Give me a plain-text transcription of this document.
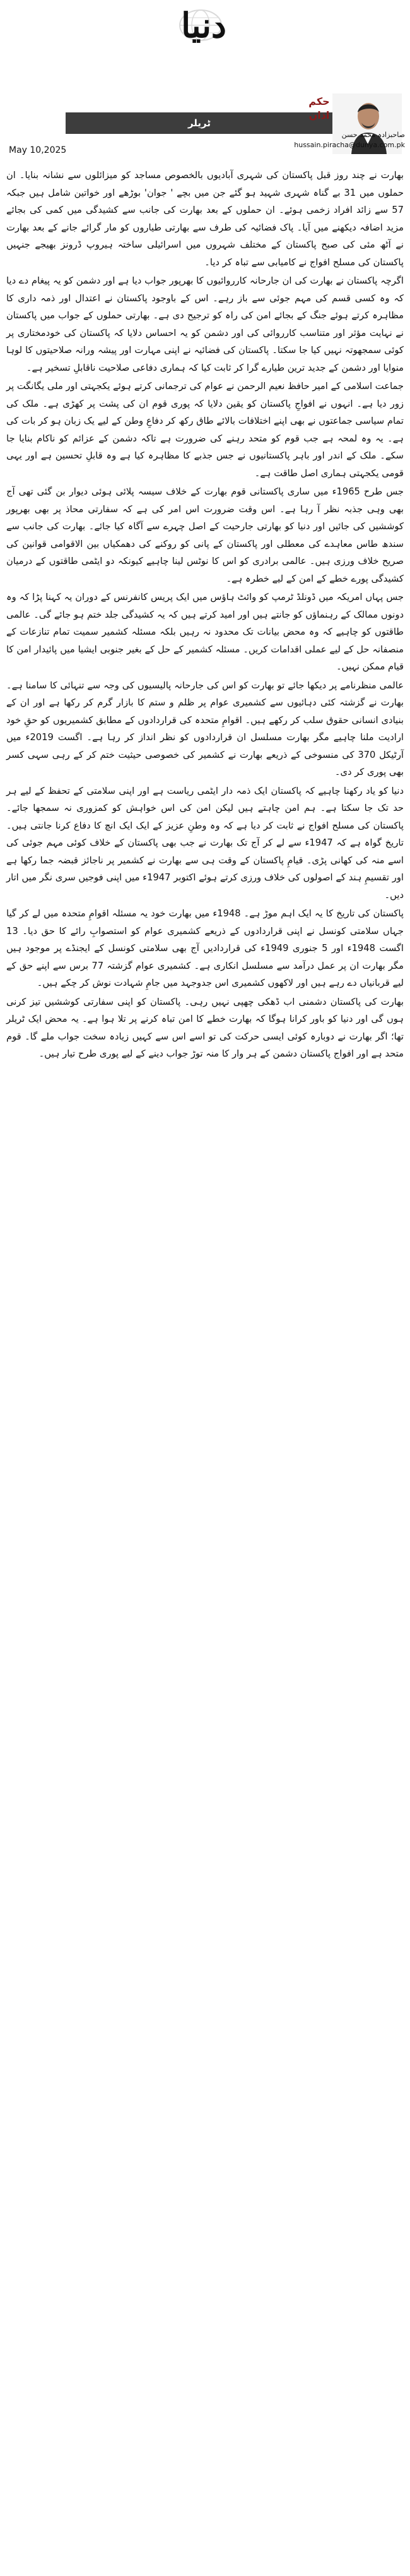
دنیا
ٹریلر
May 10,2025
حکم اذان
صاحبزادہ محمد حسن
hussain.piracha@dunya.com.pk

بھارت نے چند روز قبل پاکستان کی شہری آبادیوں بالخصوص مساجد کو میزائلوں سے نشانہ بنایا۔ ان حملوں میں 31 بے گناہ شہری شہید ہو گئے جن میں بچے ' جوان' بوڑھے اور خواتین شامل ہیں جبکہ 57 سے زائد افراد زخمی ہوئے۔ ان حملوں کے بعد بھارت کی جانب سے کشیدگی میں کمی کی بجائے مزید اضافہ دیکھنے میں آیا۔ پاک فضائیہ کی طرف سے بھارتی طیاروں کو مار گرائے جانے کے بعد بھارت نے آٹھ مئی کی صبح پاکستان کے مختلف شہروں میں اسرائیلی ساختہ ہیروپ ڈرونز بھیجے جنہیں پاکستان کی مسلح افواج نے کامیابی سے تباہ کر دیا۔

اگرچہ پاکستان نے بھارت کی ان جارحانہ کارروائیوں کا بھرپور جواب دیا ہے اور دشمن کو یہ پیغام دے دیا کہ وہ کسی قسم کی مہم جوئی سے باز رہے۔ اس کے باوجود پاکستان نے اعتدال اور ذمہ داری کا مظاہرہ کرتے ہوئے جنگ کے بجائے امن کی راہ کو ترجیح دی ہے۔ بھارتی حملوں کے جواب میں پاکستان نے نہایت مؤثر اور متناسب کارروائی کی اور دشمن کو یہ احساس دلایا کہ پاکستان کی خودمختاری پر کوئی سمجھوتہ نہیں کیا جا سکتا۔ پاکستان کی فضائیہ نے اپنی مہارت اور پیشہ ورانہ صلاحیتوں کا لوہا منوایا اور دشمن کے جدید ترین طیارے گرا کر ثابت کیا کہ ہماری دفاعی صلاحیت ناقابلِ تسخیر ہے۔

جماعت اسلامی کے امیر حافظ نعیم الرحمن نے عوام کی ترجمانی کرتے ہوئے یکجہتی اور ملی یگانگت پر زور دیا ہے۔ انہوں نے افواجِ پاکستان کو یقین دلایا کہ پوری قوم ان کی پشت پر کھڑی ہے۔ ملک کی تمام سیاسی جماعتوں نے بھی اپنے اختلافات بالائے طاق رکھ کر دفاعِ وطن کے لیے یک زبان ہو کر بات کی ہے۔ یہ وہ لمحہ ہے جب قوم کو متحد رہنے کی ضرورت ہے تاکہ دشمن کے عزائم کو ناکام بنایا جا سکے۔ ملک کے اندر اور باہر پاکستانیوں نے جس جذبے کا مظاہرہ کیا ہے وہ قابلِ تحسین ہے اور یہی قومی یکجہتی ہماری اصل طاقت ہے۔

جس طرح 1965ء میں ساری پاکستانی قوم بھارت کے خلاف سیسہ پلائی ہوئی دیوار بن گئی تھی آج بھی وہی جذبہ نظر آ رہا ہے۔ اس وقت ضرورت اس امر کی ہے کہ سفارتی محاذ پر بھی بھرپور کوششیں کی جائیں اور دنیا کو بھارتی جارحیت کے اصل چہرے سے آگاہ کیا جائے۔ بھارت کی جانب سے سندھ طاس معاہدے کی معطلی اور پاکستان کے پانی کو روکنے کی دھمکیاں بین الاقوامی قوانین کی صریح خلاف ورزی ہیں۔ عالمی برادری کو اس کا نوٹس لینا چاہیے کیونکہ دو ایٹمی طاقتوں کے درمیان کشیدگی پورے خطے کے امن کے لیے خطرہ ہے۔

جس پہاں امریکہ میں ڈونلڈ ٹرمپ کو وائٹ ہاؤس میں ایک پریس کانفرنس کے دوران یہ کہنا پڑا کہ وہ دونوں ممالک کے رہنماؤں کو جانتے ہیں اور امید کرتے ہیں کہ یہ کشیدگی جلد ختم ہو جائے گی۔ عالمی طاقتوں کو چاہیے کہ وہ محض بیانات تک محدود نہ رہیں بلکہ مسئلہ کشمیر سمیت تمام تنازعات کے منصفانہ حل کے لیے عملی اقدامات کریں۔ مسئلہ کشمیر کے حل کے بغیر جنوبی ایشیا میں پائیدار امن کا قیام ممکن نہیں۔

عالمی منظرنامے پر دیکھا جائے تو بھارت کو اس کی جارحانہ پالیسیوں کی وجہ سے تنہائی کا سامنا ہے۔ بھارت نے گزشتہ کئی دہائیوں سے کشمیری عوام پر ظلم و ستم کا بازار گرم کر رکھا ہے اور ان کے بنیادی انسانی حقوق سلب کر رکھے ہیں۔ اقوامِ متحدہ کی قراردادوں کے مطابق کشمیریوں کو حقِ خود ارادیت ملنا چاہیے مگر بھارت مسلسل ان قراردادوں کو نظر انداز کر رہا ہے۔ اگست 2019ء میں آرٹیکل 370 کی منسوخی کے ذریعے بھارت نے کشمیر کی خصوصی حیثیت ختم کر کے رہی سہی کسر بھی پوری کر دی۔

دنیا کو یاد رکھنا چاہیے کہ پاکستان ایک ذمہ دار ایٹمی ریاست ہے اور اپنی سلامتی کے تحفظ کے لیے ہر حد تک جا سکتا ہے۔ ہم امن چاہتے ہیں لیکن امن کی اس خواہش کو کمزوری نہ سمجھا جائے۔ پاکستان کی مسلح افواج نے ثابت کر دیا ہے کہ وہ وطنِ عزیز کے ایک ایک انچ کا دفاع کرنا جانتی ہیں۔ تاریخ گواہ ہے کہ 1947ء سے لے کر آج تک بھارت نے جب بھی پاکستان کے خلاف کوئی مہم جوئی کی اسے منہ کی کھانی پڑی۔ قیامِ پاکستان کے وقت ہی سے بھارت نے کشمیر پر ناجائز قبضہ جما رکھا ہے اور تقسیمِ ہند کے اصولوں کی خلاف ورزی کرتے ہوئے اکتوبر 1947ء میں اپنی فوجیں سری نگر میں اتار دیں۔

پاکستان کی تاریخ کا یہ ایک اہم موڑ ہے۔ 1948ء میں بھارت خود یہ مسئلہ اقوامِ متحدہ میں لے کر گیا جہاں سلامتی کونسل نے اپنی قراردادوں کے ذریعے کشمیری عوام کو استصوابِ رائے کا حق دیا۔ 13 اگست 1948ء اور 5 جنوری 1949ء کی قراردادیں آج بھی سلامتی کونسل کے ایجنڈے پر موجود ہیں مگر بھارت ان پر عمل درآمد سے مسلسل انکاری ہے۔ کشمیری عوام گزشتہ 77 برس سے اپنے حق کے لیے قربانیاں دے رہے ہیں اور لاکھوں کشمیری اس جدوجہد میں جامِ شہادت نوش کر چکے ہیں۔

بھارت کی پاکستان دشمنی اب ڈھکی چھپی نہیں رہی۔ پاکستان کو اپنی سفارتی کوششیں تیز کرنی ہوں گی اور دنیا کو باور کرانا ہوگا کہ بھارت خطے کا امن تباہ کرنے پر تلا ہوا ہے۔ یہ محض ایک ٹریلر تھا؛ اگر بھارت نے دوبارہ کوئی ایسی حرکت کی تو اسے اس سے کہیں زیادہ سخت جواب ملے گا۔ قوم متحد ہے اور افواج پاکستان دشمن کے ہر وار کا منہ توڑ جواب دینے کے لیے پوری طرح تیار ہیں۔
